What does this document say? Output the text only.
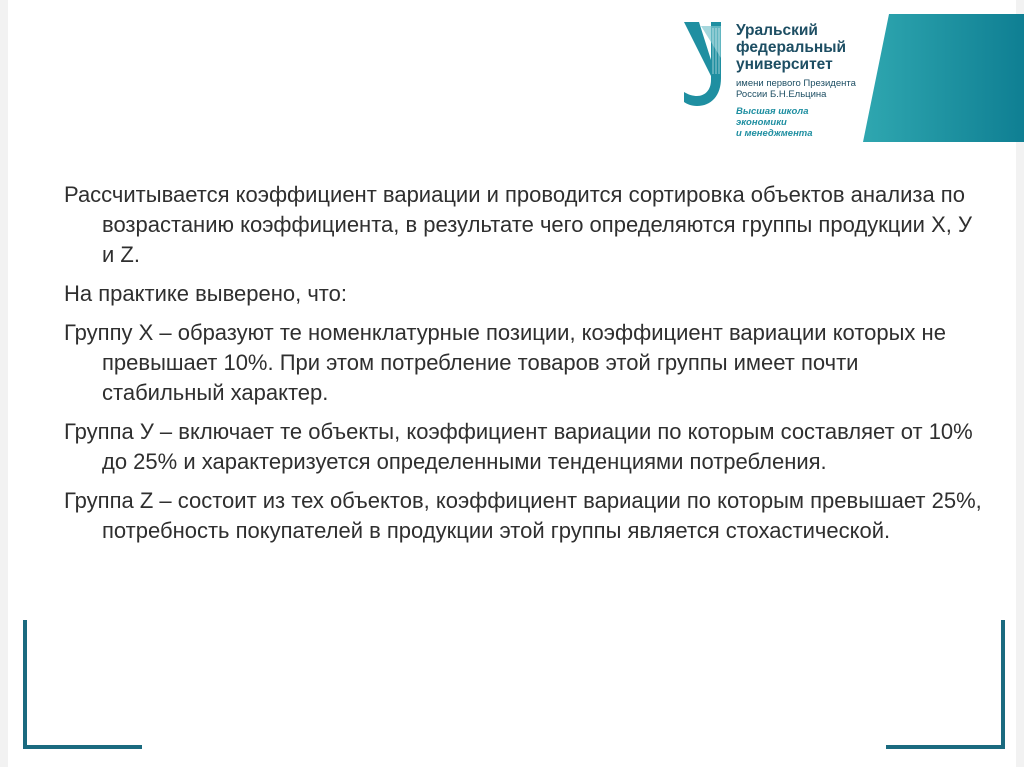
Уральский

федеральный

университет

имени первого Президента

России Б.Н.Ельцина

Высшая школа

экономики

и менеджмента

Рассчитывается коэффициент вариации и проводится сортировка объектов анализа по возрастанию коэффициента, в результате чего определяются группы продукции Х, У и Z.

На практике выверено, что:

Группу Х – образуют те номенклатурные позиции, коэффициент вариации которых не превышает 10%. При этом потребление товаров этой группы имеет почти стабильный характер.

Группа У – включает те объекты, коэффициент вариации по которым составляет от 10% до 25% и характеризуется определенными тенденциями потребления.

Группа Z – состоит из тех объектов, коэффициент вариации по которым превышает 25%, потребность покупателей в продукции этой группы является стохастической.
